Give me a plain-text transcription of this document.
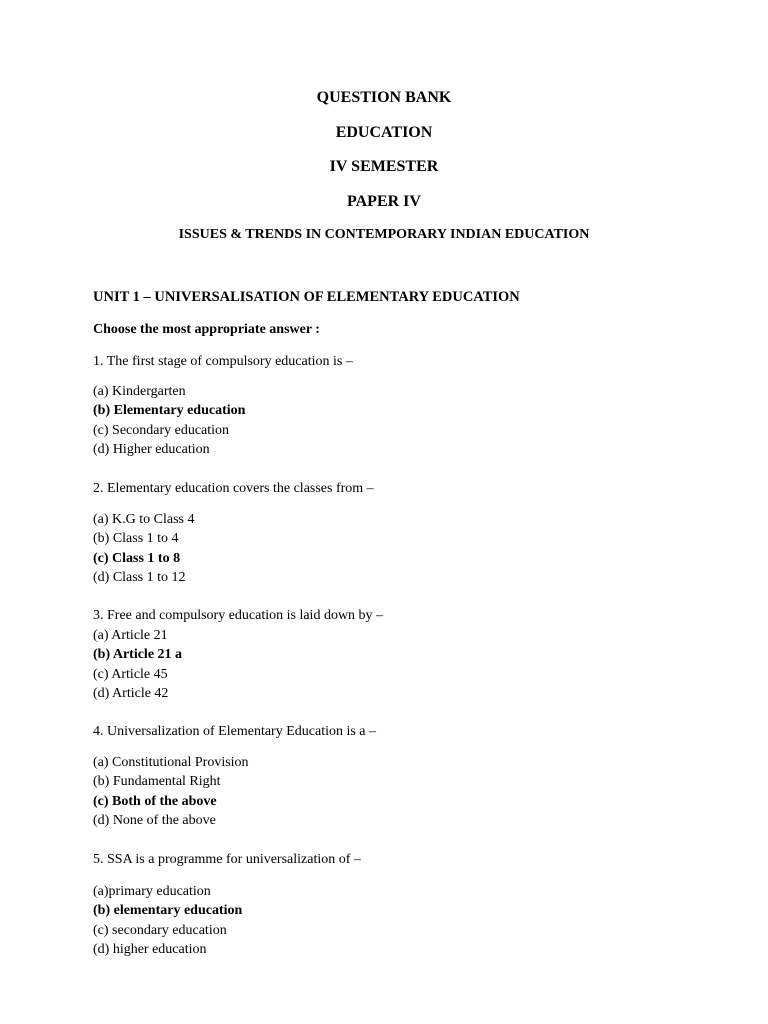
QUESTION BANK
EDUCATION
IV SEMESTER
PAPER IV
ISSUES & TRENDS IN CONTEMPORARY INDIAN EDUCATION
UNIT 1 – UNIVERSALISATION OF ELEMENTARY EDUCATION
Choose the most appropriate answer :
1. The first stage of compulsory education is –
(a) Kindergarten
(b) Elementary education
(c) Secondary education
(d) Higher education
2. Elementary education covers the classes from –
(a) K.G to Class 4
(b) Class 1 to 4
(c) Class 1 to 8
(d) Class 1 to 12
3. Free and compulsory education is laid down by –
(a) Article 21
(b) Article 21 a
(c) Article 45
(d) Article 42
4. Universalization of Elementary Education is a –
(a) Constitutional Provision
(b) Fundamental Right
(c) Both of the above
(d) None of the above
5. SSA is a programme for universalization of –
(a)primary education
(b) elementary education
(c) secondary education
(d) higher education
